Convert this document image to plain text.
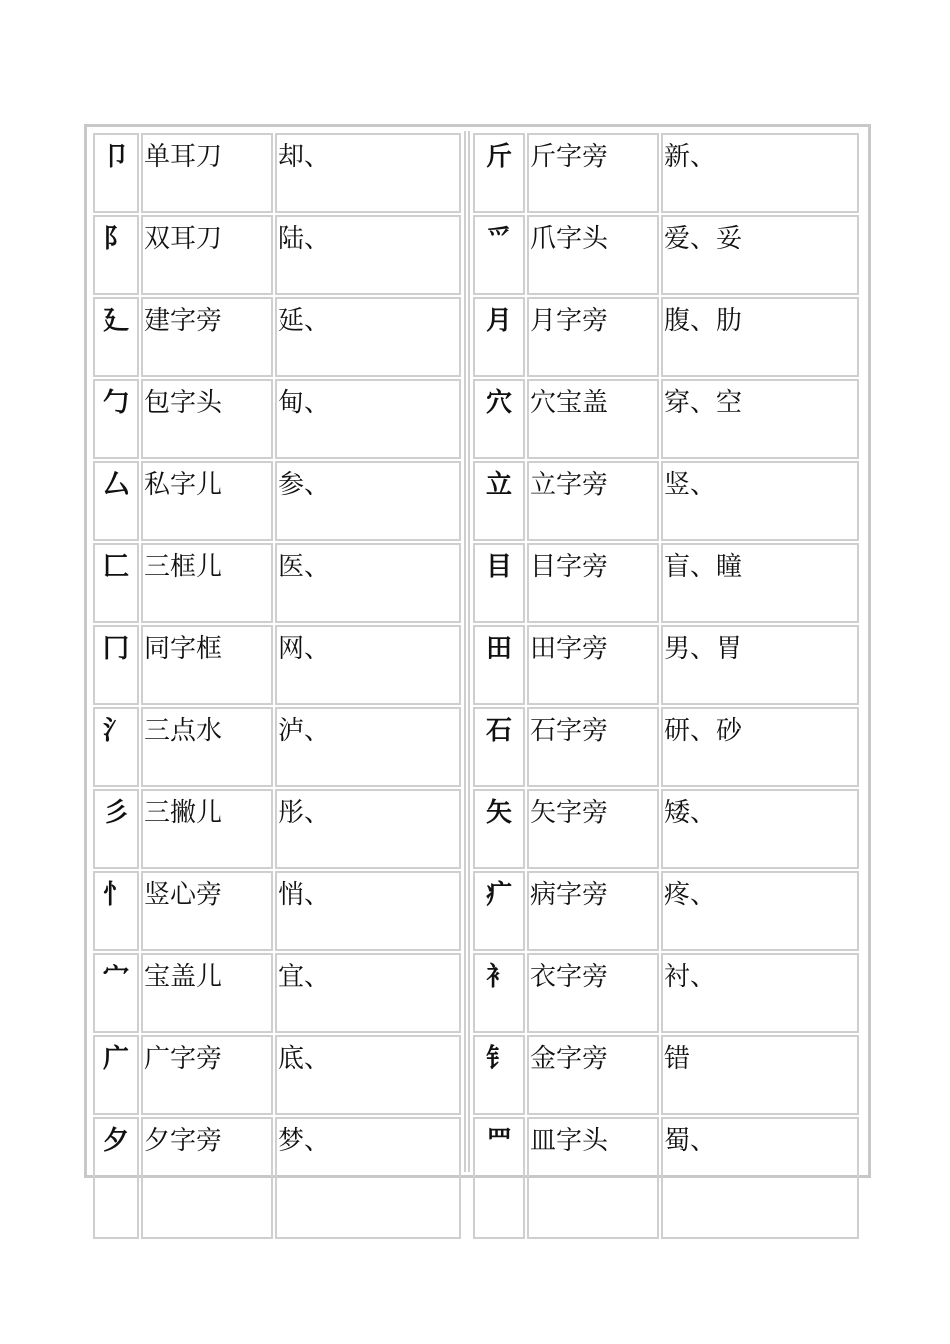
卩	单耳刀	却、
阝	双耳刀	陆、
廴	建字旁	延、
勹	包字头	甸、
厶	私字儿	参、
匚	三框儿	医、
冂	同字框	网、
氵	三点水	泸、
彡	三撇儿	彤、
忄	竖心旁	悄、
宀	宝盖儿	宜、
广	广字旁	底、
夕	夕字旁	梦、
斤	斤字旁	新、
爫	爪字头	爱、妥
月	月字旁	腹、肋
穴	穴宝盖	穿、空
立	立字旁	竖、
目	目字旁	盲、瞳
田	田字旁	男、胃
石	石字旁	研、砂
矢	矢字旁	矮、
疒	病字旁	疼、
衤	衣字旁	衬、
钅	金字旁	错
罒	皿字头	蜀、
